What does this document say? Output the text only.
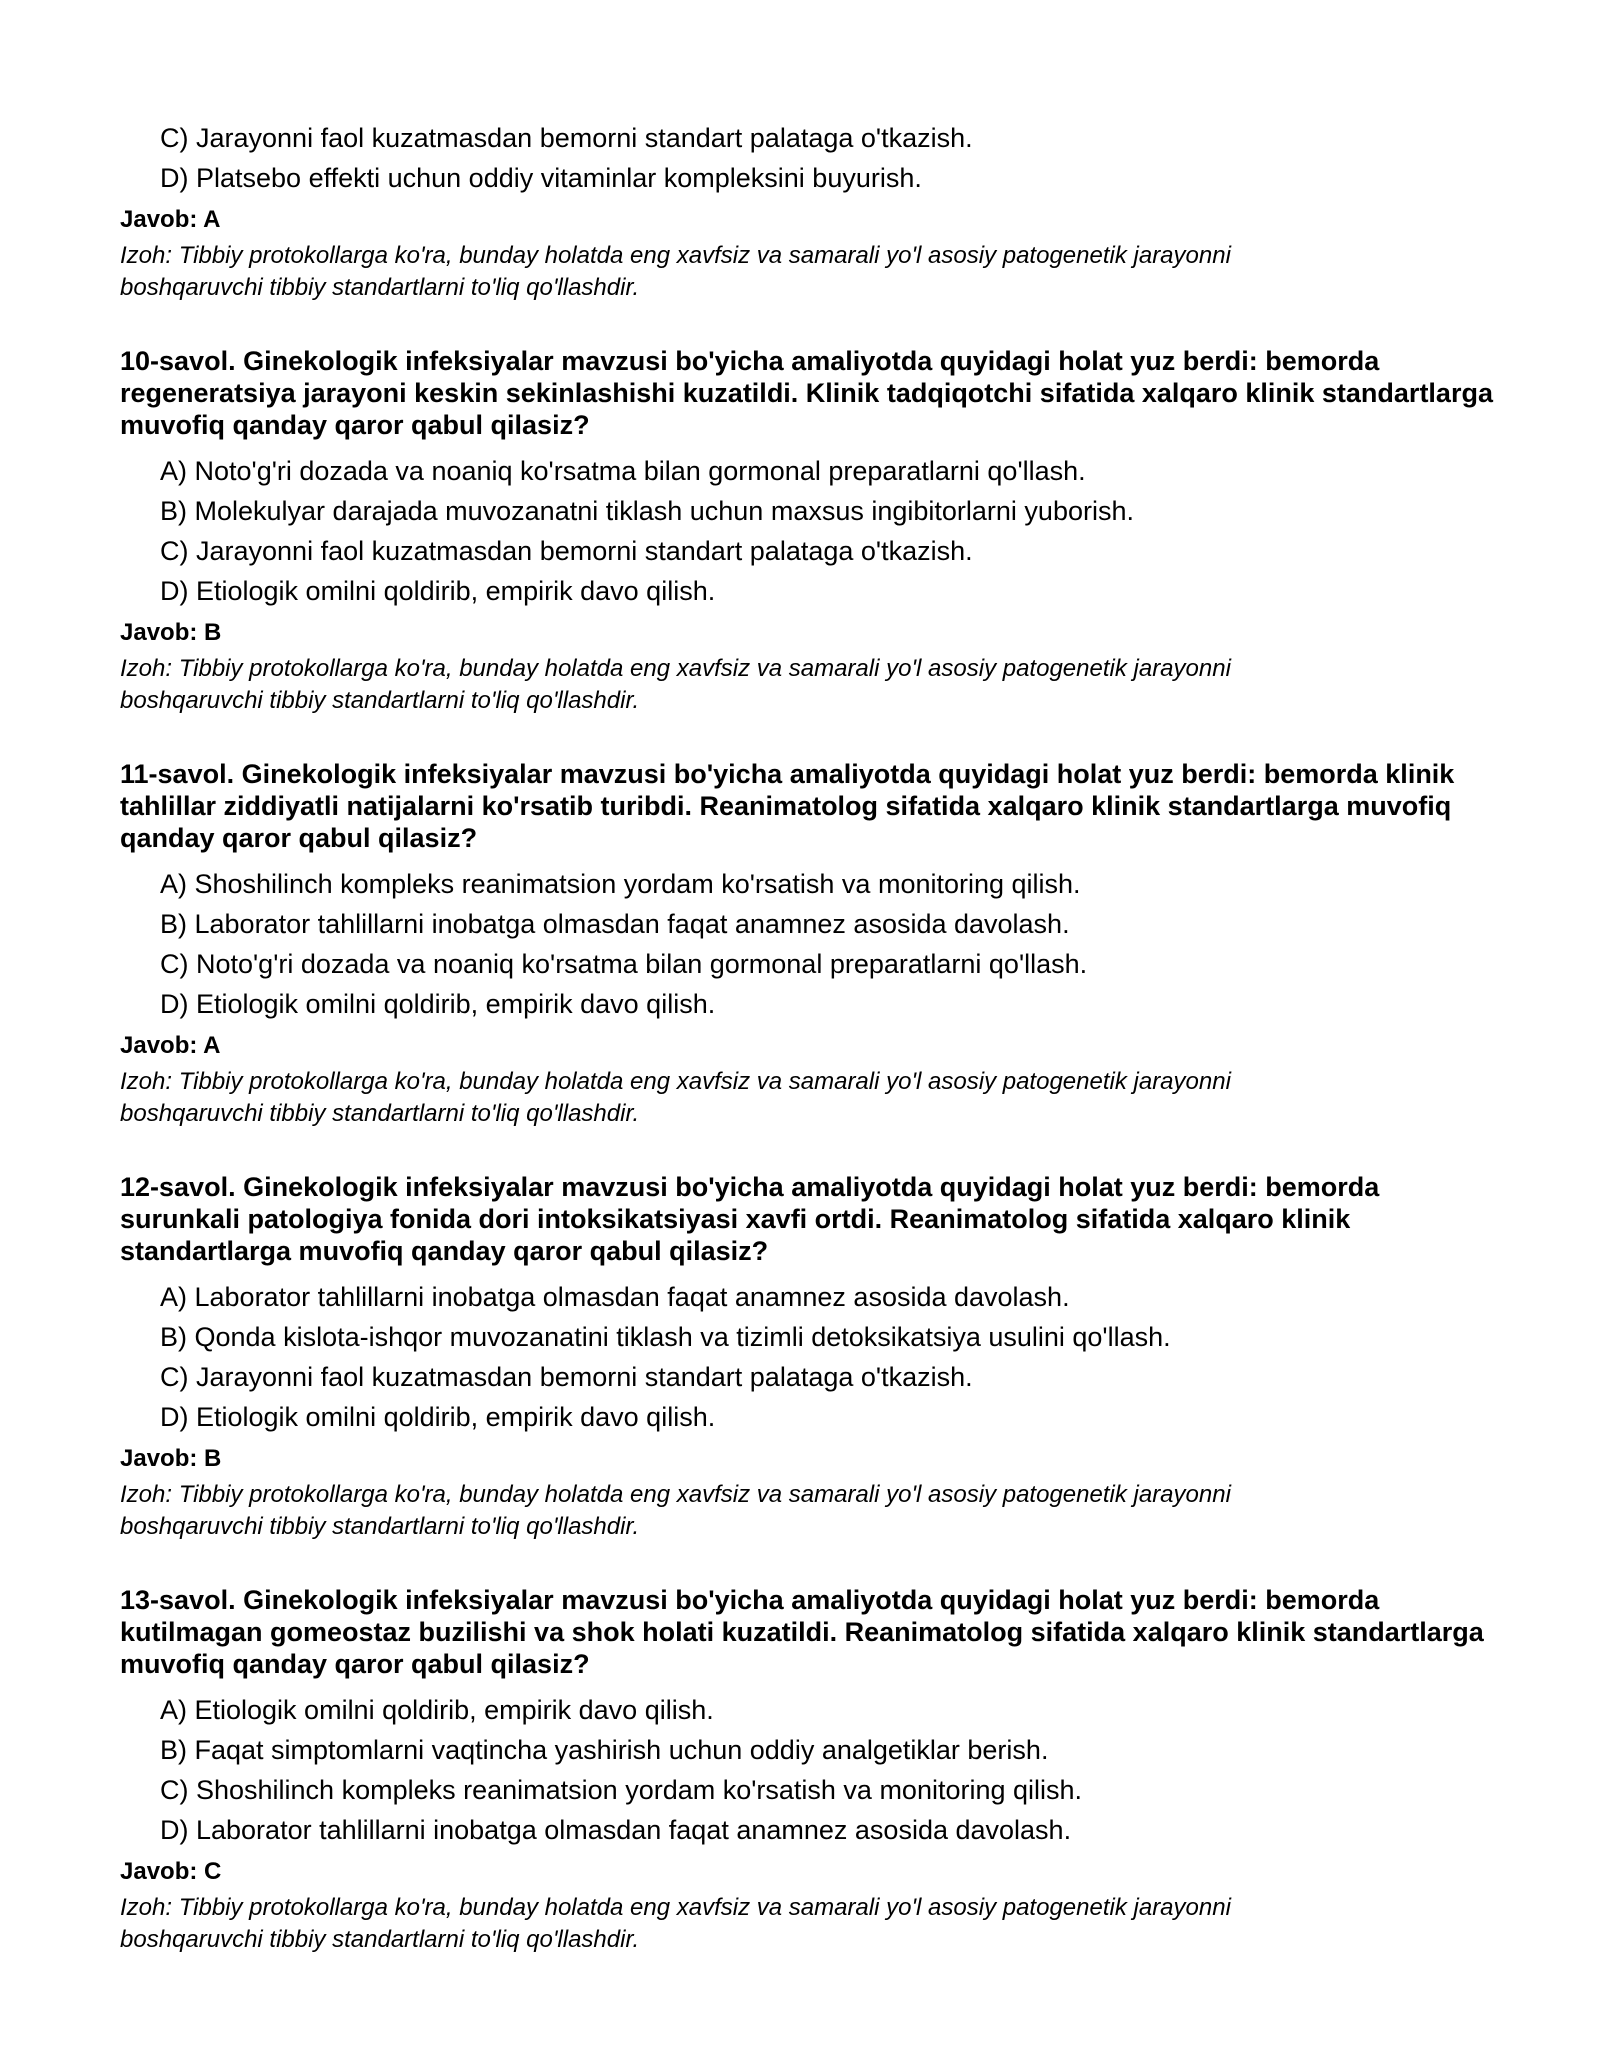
C) Jarayonni faol kuzatmasdan bemorni standart palataga o'tkazish.
D) Platsebo effekti uchun oddiy vitaminlar kompleksini buyurish.
Javob: A
Izoh: Tibbiy protokollarga ko'ra, bunday holatda eng xavfsiz va samarali yo'l asosiy patogenetik jarayonni boshqaruvchi tibbiy standartlarni to'liq qo'llashdir.
10-savol. Ginekologik infeksiyalar mavzusi bo'yicha amaliyotda quyidagi holat yuz berdi: bemorda regeneratsiya jarayoni keskin sekinlashishi kuzatildi. Klinik tadqiqotchi sifatida xalqaro klinik standartlarga muvofiq qanday qaror qabul qilasiz?
A) Noto'g'ri dozada va noaniq ko'rsatma bilan gormonal preparatlarni qo'llash.
B) Molekulyar darajada muvozanatni tiklash uchun maxsus ingibitorlarni yuborish.
C) Jarayonni faol kuzatmasdan bemorni standart palataga o'tkazish.
D) Etiologik omilni qoldirib, empirik davo qilish.
Javob: B
Izoh: Tibbiy protokollarga ko'ra, bunday holatda eng xavfsiz va samarali yo'l asosiy patogenetik jarayonni boshqaruvchi tibbiy standartlarni to'liq qo'llashdir.
11-savol. Ginekologik infeksiyalar mavzusi bo'yicha amaliyotda quyidagi holat yuz berdi: bemorda klinik tahlillar ziddiyatli natijalarni ko'rsatib turibdi. Reanimatolog sifatida xalqaro klinik standartlarga muvofiq qanday qaror qabul qilasiz?
A) Shoshilinch kompleks reanimatsion yordam ko'rsatish va monitoring qilish.
B) Laborator tahlillarni inobatga olmasdan faqat anamnez asosida davolash.
C) Noto'g'ri dozada va noaniq ko'rsatma bilan gormonal preparatlarni qo'llash.
D) Etiologik omilni qoldirib, empirik davo qilish.
Javob: A
Izoh: Tibbiy protokollarga ko'ra, bunday holatda eng xavfsiz va samarali yo'l asosiy patogenetik jarayonni boshqaruvchi tibbiy standartlarni to'liq qo'llashdir.
12-savol. Ginekologik infeksiyalar mavzusi bo'yicha amaliyotda quyidagi holat yuz berdi: bemorda surunkali patologiya fonida dori intoksikatsiyasi xavfi ortdi. Reanimatolog sifatida xalqaro klinik standartlarga muvofiq qanday qaror qabul qilasiz?
A) Laborator tahlillarni inobatga olmasdan faqat anamnez asosida davolash.
B) Qonda kislota-ishqor muvozanatini tiklash va tizimli detoksikatsiya usulini qo'llash.
C) Jarayonni faol kuzatmasdan bemorni standart palataga o'tkazish.
D) Etiologik omilni qoldirib, empirik davo qilish.
Javob: B
Izoh: Tibbiy protokollarga ko'ra, bunday holatda eng xavfsiz va samarali yo'l asosiy patogenetik jarayonni boshqaruvchi tibbiy standartlarni to'liq qo'llashdir.
13-savol. Ginekologik infeksiyalar mavzusi bo'yicha amaliyotda quyidagi holat yuz berdi: bemorda kutilmagan gomeostaz buzilishi va shok holati kuzatildi. Reanimatolog sifatida xalqaro klinik standartlarga muvofiq qanday qaror qabul qilasiz?
A) Etiologik omilni qoldirib, empirik davo qilish.
B) Faqat simptomlarni vaqtincha yashirish uchun oddiy analgetiklar berish.
C) Shoshilinch kompleks reanimatsion yordam ko'rsatish va monitoring qilish.
D) Laborator tahlillarni inobatga olmasdan faqat anamnez asosida davolash.
Javob: C
Izoh: Tibbiy protokollarga ko'ra, bunday holatda eng xavfsiz va samarali yo'l asosiy patogenetik jarayonni boshqaruvchi tibbiy standartlarni to'liq qo'llashdir.
